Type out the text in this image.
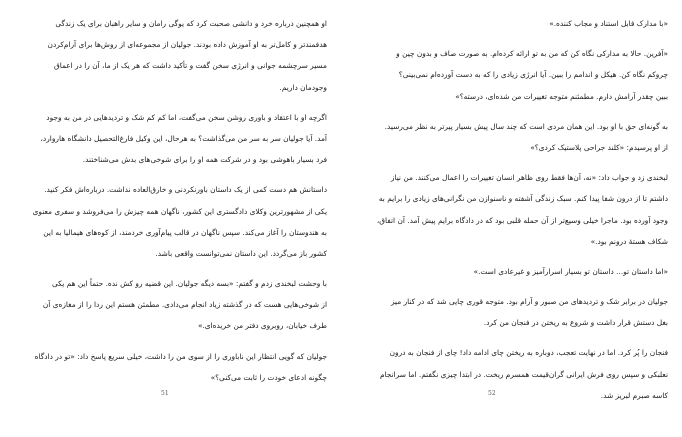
او همچنین درباره خرد و دانشی صحبت کرد که یوگی رامان و سایر راهبان برای یک زندگی
هدفمندتر و کامل‌تر به او آموزش داده بودند. جولیان از مجموعه‌ای از روش‌ها برای آرام‌کردن
مسیر سرچشمه جوانی و انرژی سخن گفت و تأکید داشت که هر یک از ما، آن را در اعماق
وجودمان داریم.
اگرچه او با اعتقاد و باوری روشن سخن می‌گفت، اما کم کم شک و تردیدهایی در من به وجود
آمد. آیا جولیان سر به سر من می‌گذاشت؟ به هرحال، این وکیل فارغ‌التحصیل دانشگاه هاروارد،
فرد بسیار باهوشی بود و در شرکت همه او را برای شوخی‌های بدش می‌شناختند.
داستانش هم دست کمی از یک داستان باورنکردنی و خارق‌العاده نداشت. درباره‌اش فکر کنید.
یکی از مشهورترین وکلای دادگستری این کشور، ناگهان همه چیزش را می‌فروشد و سفری معنوی
به هندوستان را آغاز می‌کند. سپس ناگهان در قالب پیام‌آوری خردمند، از کوه‌های هیمالیا به این
کشور باز می‌گردد. این داستان نمی‌توانست واقعی باشد.
با وحشت لبخندی زدم و گفتم: «بسه دیگه جولیان. این قضیه رو کش نده. حتماً این هم یکی
از شوخی‌هایی هست که در گذشته زیاد انجام می‌دادی. مطمئن هستم این ردا را از مغازه‌ی آن
طرف خیابان، روبروی دفتر من خریده‌ای.»
جولیان که گویی انتظار این ناباوری را از سوی من را داشت، خیلی سریع پاسخ داد: «تو در دادگاه
چگونه ادعای خودت را ثابت می‌کنی؟»
51
«با مدارک قابل استناد و مجاب کننده.»
«آفرین. حالا به مدارکی نگاه کن که من به تو ارائه کرده‌ام. به صورت صاف و بدون چین و
چروکم نگاه کن. هیکل و اندامم را ببین. آیا انرژی زیادی را که به دست آورده‌ام نمی‌بینی؟
ببین چقدر آرامش دارم. مطمئنم متوجه تغییرات من شده‌ای، درسته؟»
به گونه‌ای حق با او بود. این همان مردی است که چند سال پیش بسیار پیرتر به نظر می‌رسید.
از او پرسیدم: «کلند جراحی پلاستیک کردی؟»
لبخندی زد و جواب داد: «نه، آن‌ها فقط روی ظاهر انسان تغییرات را اعمال می‌کنند. من نیاز
داشتم تا از درون شفا پیدا کنم. سبک زندگی آشفته و ناسنوازن من نگرانی‌های زیادی را برایم به
وجود آورده بود. ماجرا خیلی وسیع‌تر از آن حمله قلبی بود که در دادگاه برایم پیش آمد. آن اتفاق،
شکاف هستهٔ درونم بود.»
«اما داستان تو... داستان تو بسیار اسرارآمیز و غیرعادی است.»
جولیان در برابر شک و تردیدهای من صبور و آرام بود. متوجه قوری چایی شد که در کنار میز
بغل دستش قرار داشت و شروع به ریختن در فنجان من کرد.
فنجان را پُر کرد. اما در نهایت تعجب، دوباره به ریختن چای ادامه داد! چای از فنجان به درون
نعلبکی و سپس روی فرش ایرانی گران‌قیمت همسرم ریخت. در ابتدا چیزی نگفتم. اما سرانجام
کاسه صبرم لبریز شد.
52
